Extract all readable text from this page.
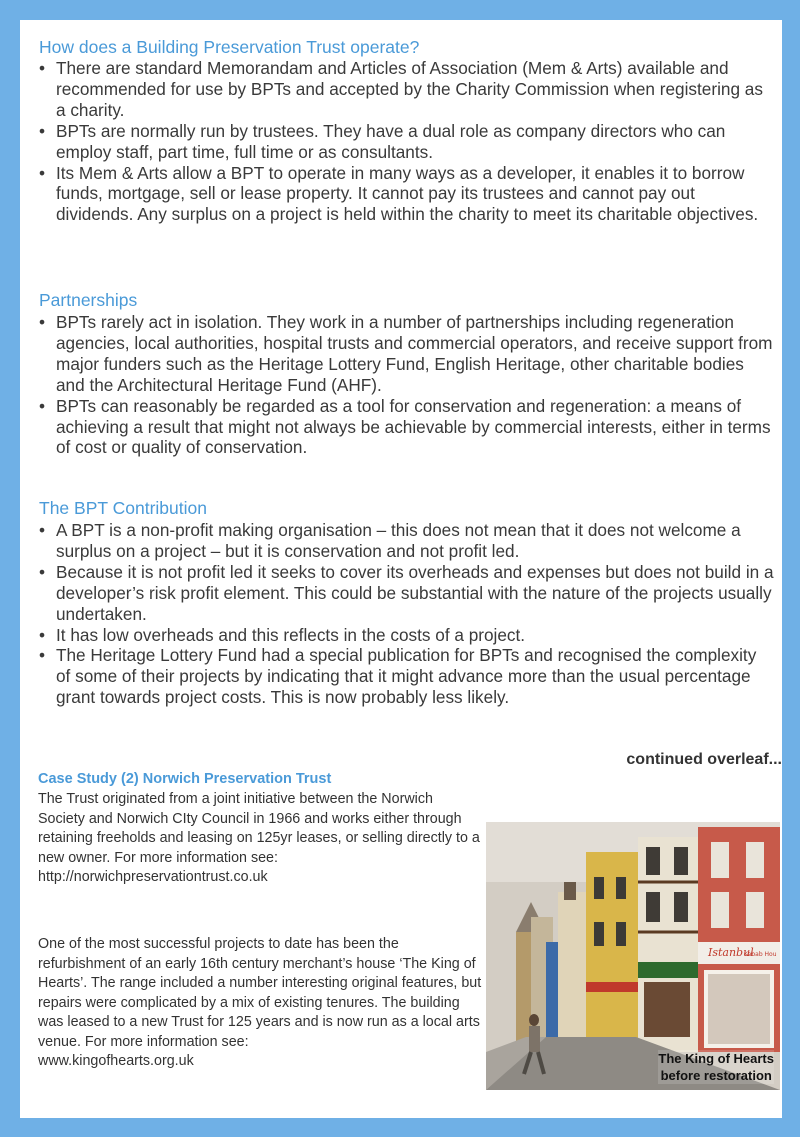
How does a Building Preservation Trust operate?
• There are standard Memorandam and Articles of Association (Mem & Arts) available and recommended for use by BPTs and accepted by the Charity Commission when registering as a charity.
• BPTs are normally run by trustees. They have a dual role as company directors who can employ staff, part time, full time or as consultants.
• Its Mem & Arts allow a BPT to operate in many ways as a developer, it enables it to borrow funds, mortgage, sell or lease property. It cannot pay its trustees and cannot pay out dividends. Any surplus on a project is held within the charity to meet its charitable objectives.
Partnerships
• BPTs rarely act in isolation. They work in a number of partnerships including regeneration agencies, local authorities, hospital trusts and commercial operators, and receive support from major funders such as the Heritage Lottery Fund, English Heritage, other charitable bodies and the Architectural Heritage Fund (AHF).
• BPTs can reasonably be regarded as a tool for conservation and regeneration: a means of achieving a result that might not always be achievable by commercial interests, either in terms of cost or quality of conservation.
The BPT Contribution
• A BPT is a non-profit making organisation – this does not mean that it does not welcome a surplus on a project – but it is conservation and not profit led.
• Because it is not profit led it seeks to cover its overheads and expenses but does not build in a developer’s risk profit element. This could be substantial with the nature of the projects usually undertaken.
• It has low overheads and this reflects in the costs of a project.
• The Heritage Lottery Fund had a special publication for BPTs and recognised the complexity of some of their projects by indicating that it might advance more than the usual percentage grant towards project costs. This is now probably less likely.
continued overleaf...
Case Study (2) Norwich Preservation Trust

The Trust originated from a joint initiative between the Norwich Society and Norwich CIty Council in 1966 and works either through retaining freeholds and leasing on 125yr leases, or selling directly to a new owner. For more information see:
http://norwichpreservationtrust.co.uk

One of the most successful projects to date has been the refurbishment of an early 16th century merchant’s house ‘The King of Hearts’. The range included a number interesting original features, but repairs were complicated by a mix of existing tenures. The building was leased to a new Trust for 125 years and is now run as a local arts venue. For more information see:
www.kingofhearts.org.uk

Istanbul
Kebab Hou
The King of Hearts
before restoration
